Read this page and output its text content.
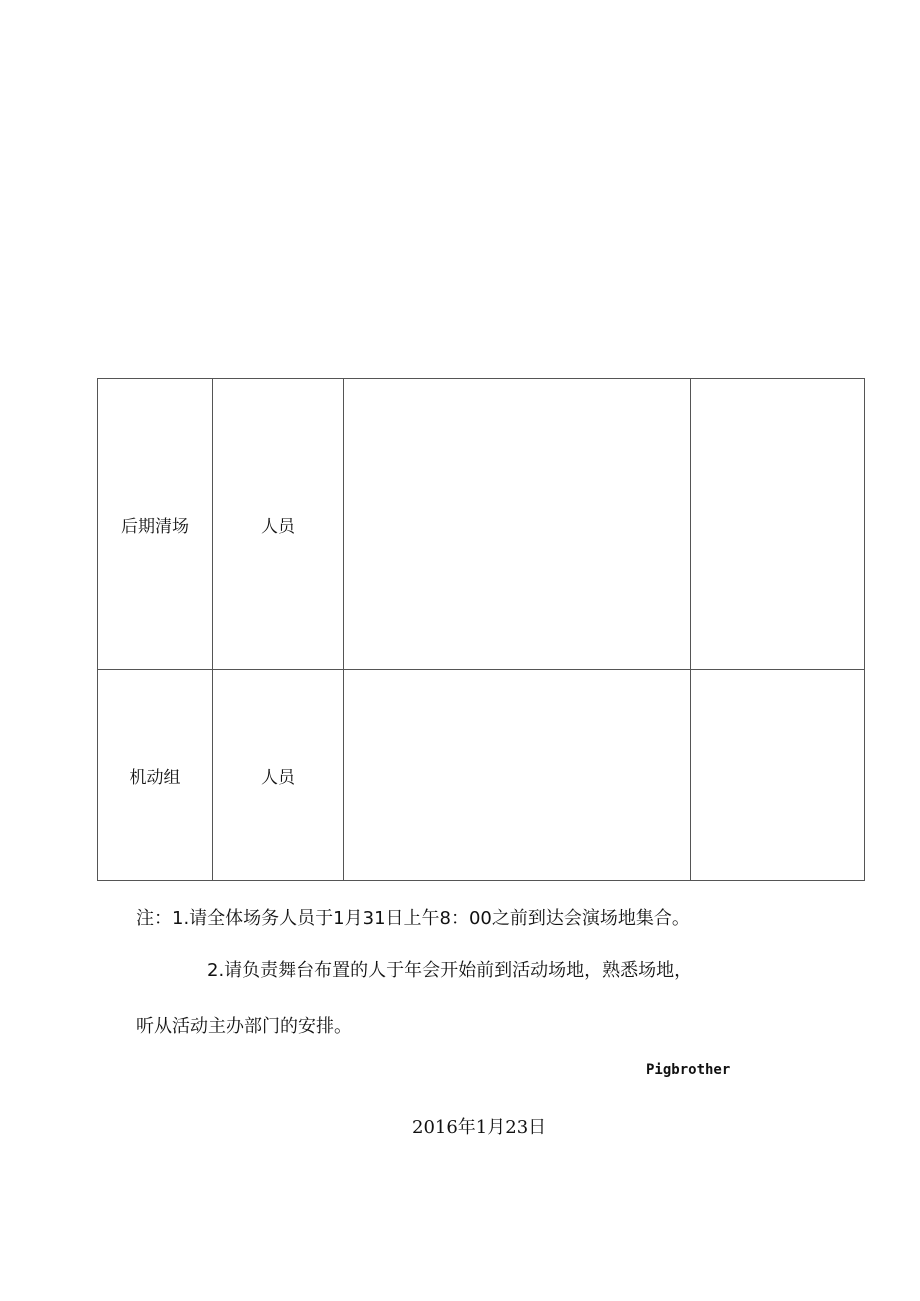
后期清场	人员		
机动组	人员		
注：1.请全体场务人员于1月31日上午8：00之前到达会演场地集合。
2.请负责舞台布置的人于年会开始前到活动场地，熟悉场地，
听从活动主办部门的安排。
Pigbrother
2016年1月23日
